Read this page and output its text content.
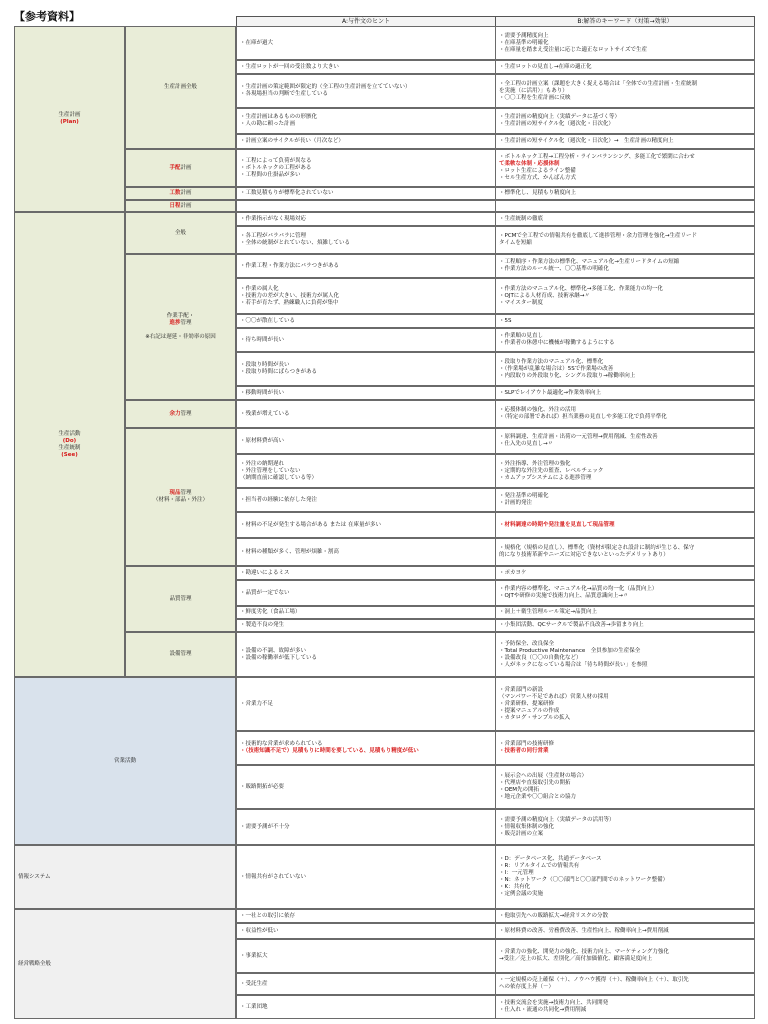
【参考資料】	A:与件文のヒント	B:解答のキーワード（対策→効果）
生産計画
(Plan)
生産活動
(Do)
生産統制
(See)
営業活動
情報システム
経営戦略全般
生産計画全般
手配計画
工数計画
日程計画
全般
作業手配・
進捗管理

※右記は遅延・非効率の原因
余力管理
現品管理
（材料・部品・外注）
品質管理
設備管理
・在庫が過大
・生産ロットが一回の受注数より大きい
・生産計画の策定範囲が限定的（全工程の生産計画を立てていない）
・各現場担当の判断で生産している
・生産計画はあるものの形骸化
・人の勘に頼った計画
・計画立案のサイクルが長い（月次など）
・工程によって負荷が異なる
・ボトルネックの工程がある
・工程間の仕掛品が多い
・工数見積もりが標準化されていない
・作業指示がなく現場対応
・各工程がバラバラに管理
・全体の統制がとれていない、煩雑している
・作業工程・作業方法にバラつきがある
・作業の属人化
・技術力の差が大きい、技術力が属人化
・若手が育たず、熟練職人に負荷が集中
・〇〇が散在している
・待ち時間が長い
・段取り時間が長い
・段取り時間にばらつきがある
・移動時間が長い
・残業が増えている
・原材料費が高い
・外注の納期遅れ
・外注管理をしていない
（納期直前に確認している等）
・担当者の経験に依存した発注
・材料の不足が発生する場合がある または 在庫量が多い
・材料の種類が多く、管理が煩雑・割高
・勘違いによるミス
・品質が一定でない
・鮮度劣化（食品工場）
・製造不良の発生
・設備の不調、故障が多い
・設備の稼働率が低下している
・営業力不足
・技術的な営業が求められている
・（技術知識不足で）見積もりに時間を要している、見積もり精度が低い
・販路開拓が必要
・需要予測が不十分
・情報共有がされていない
・一社との取引に依存
・収益性が低い
・事業拡大
・受託生産
・工業団地
・需要予測精度向上
・在庫基準の明確化
・在庫量を踏まえ受注量に応じた適正なロットサイズで生産
・生産ロットの見直し→在庫の適正化
・全工程の計画立案（課題を大きく捉える場合は「全体での生産計画・生産統制
を実施（に活用）」もあり）
・〇〇工程を生産計画に反映
・生産計画の精度向上（実績データに基づく等）
・生産計画の短サイクル化（週次化・日次化）
・生産計画の短サイクル化（週次化・日次化）→　生産計画の精度向上
・ボトルネック工程→工程分析・ラインバランシング、多能工化で繁閑に合わせ
て柔軟な体制・応援体制
・ロット生産によるライン整備
・セル生産方式、かんばん方式
・標準化し、見積もり精度向上
・生産統制の徹底
・PCMで全工程での情報共有を徹底して進捗管理・余力管理を強化→生産リード
タイムを短縮
・工程順序・作業方法の標準化、マニュアル化→生産リードタイムの短縮
・作業方法のルール統一、〇〇基準の明確化
・作業方法のマニュアル化、標準化→多能工化、作業能力の均一化
・OJTによる人材育成、技術承継→〃
・マイスター制度
・5S
・作業順の見直し
・作業者の休憩中に機械が稼働するようにする
・段取り作業方法のマニュアル化、標準化
・（作業場が乱雑な場合は）5Sで作業場の改善
・内段取りの外段取り化、シングル段取り→稼働率向上
・SLPでレイアウト最適化→作業効率向上
・応援体制の強化、外注の活用
・（特定の部署であれば）担当業務の見直しや多能工化で負荷平準化
・原料調達、生産計画・出荷の一元管理→費用削減、生産性改善
・仕入先の見直し→〃
・外注指導、外注管理の強化
・定期的な外注先の監査、レベルチェック
・カムアップシステムによる進捗管理
・発注基準の明確化
・計画的発注
・材料調達の時期や発注量を見直して現品管理
・規格化（規格の見直し）、標準化（資材が限定され設計に制約が生じる、保守
的になり技術革新やニーズに対応できないといったデメリットあり）
・ポカヨケ
・作業内容の標準化、マニュアル化→品質の均一化（品質向上）
・OJTや研修の実施で技術力向上、品質意識向上→〃
・洞上＋衛生管理ルール策定→品質向上
・小集団活動、QCサークルで製品不良改善→歩留まり向上
・予防保全、改良保全
・Total Productive Maintenance　全員参加の生産保全
・設備改良（〇〇の自動化など）
・人がネックになっている場合は「待ち時間が長い」を参照
・営業部門の新設
（マンパワー不足であれば）営業人材の採用
・営業研修、提案研修
・提案マニュアルの作成
・カタログ・サンプルの拡入
・営業部門の技術研修
・技術者の同行営業
・展示会への出展（生産財の場合）
・代理店や直接取引先の開拓
・OEM先の開拓
・地元企業や〇〇組合との協力
・需要予測の精度向上（実績データの活用等）
・情報収集体制の強化
・販売計画の立案
・D：データベース化、共通データベース
・R：リアルタイムでの情報共有
・I：一元管理
・N：ネットワーク（〇〇部門と〇〇部門間でのネットワーク整備）
・K：共有化
・定例会議の実施
・他取引先への販路拡大→経営リスクの分散
・原材料費の改善、労務費改善、生産性向上、稼働率向上→費用削減
・営業力の強化、開発力の強化、技術力向上、マーケティング力強化
→受注／売上の拡大、差別化／高付加価値化、顧客満足度向上
・一定規模の売上確保（＋）、ノウハウ獲得（＋）、稼働率向上（＋）、取引先
への依存度上昇（－）
・技術交流会を実施→技術力向上、共同開発
・仕入れ・流通の共同化→費用削減
